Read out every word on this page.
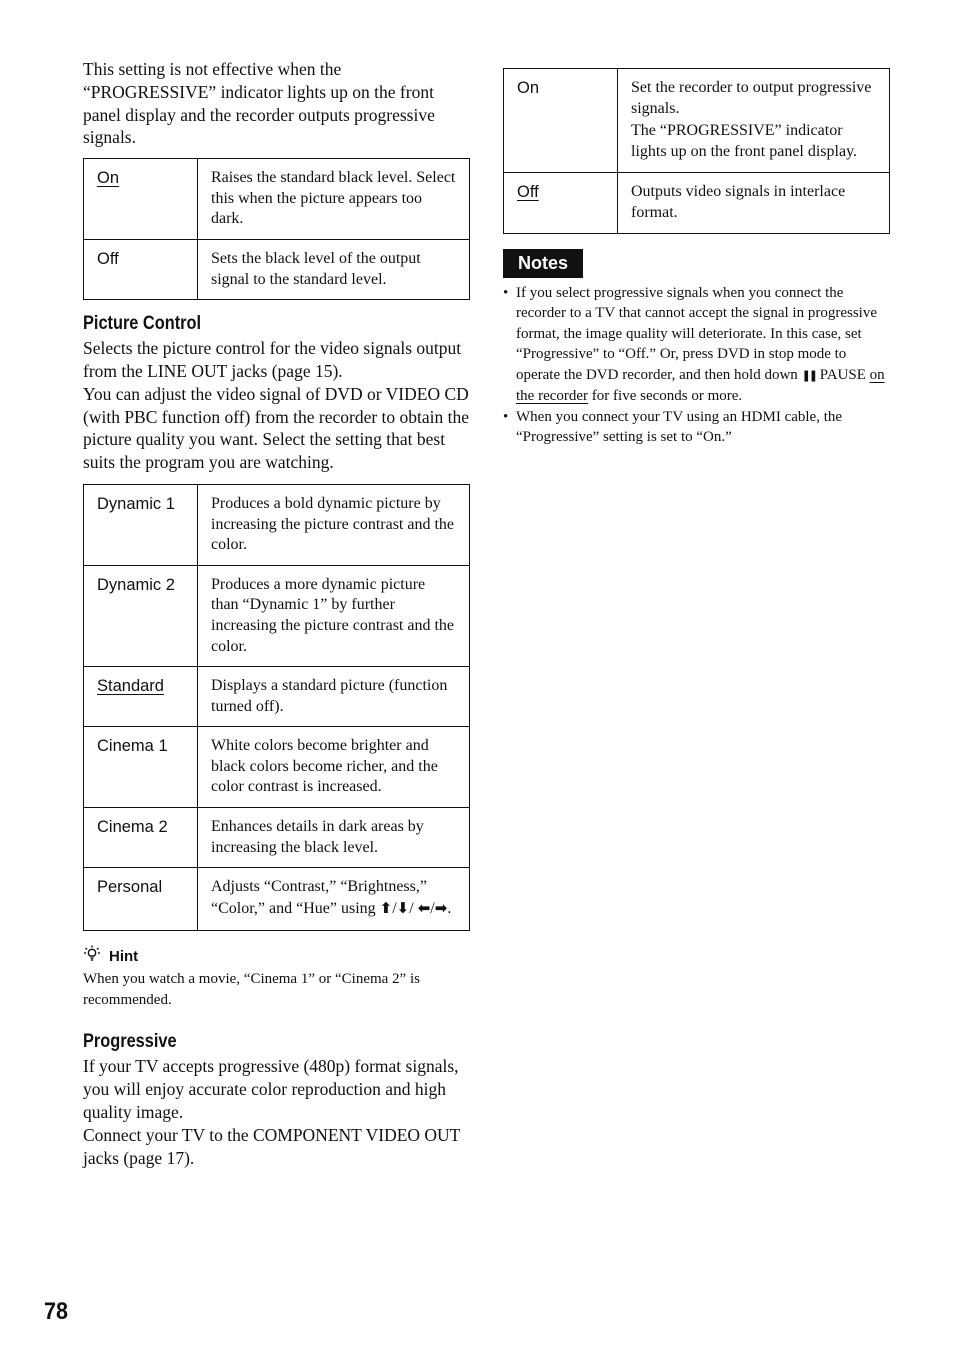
This setting is not effective when the “PROGRESSIVE” indicator lights up on the front panel display and the recorder outputs progressive signals.

On	Raises the standard black level. Select this when the picture appears too dark.
Off	Sets the black level of the output signal to the standard level.
Picture Control

Selects the picture control for the video signals output from the LINE OUT jacks (page 15).

You can adjust the video signal of DVD or VIDEO CD (with PBC function off) from the recorder to obtain the picture quality you want. Select the setting that best suits the program you are watching.

Dynamic 1	Produces a bold dynamic picture by increasing the picture contrast and the color.
Dynamic 2	Produces a more dynamic picture than “Dynamic 1” by further increasing the picture contrast and the color.
Standard	Displays a standard picture (function turned off).
Cinema 1	White colors become brighter and black colors become richer, and the color contrast is increased.
Cinema 2	Enhances details in dark areas by increasing the black level.
Personal	Adjusts “Contrast,” “Brightness,” “Color,” and “Hue” using ⬆/⬇/ ⬅/➡.
Hint
When you watch a movie, “Cinema 1” or “Cinema 2” is recommended.
Progressive

If your TV accepts progressive (480p) format signals, you will enjoy accurate color reproduction and high quality image.

Connect your TV to the COMPONENT VIDEO OUT jacks (page 17).

On	Set the recorder to output progressive signals.
The “PROGRESSIVE” indicator lights up on the front panel display.

Off	Outputs video signals in interlace format.
Notes
• If you select progressive signals when you connect the recorder to a TV that cannot accept the signal in progressive format, the image quality will deteriorate. In this case, set “Progressive” to “Off.” Or, press DVD in stop mode to operate the DVD recorder, and then hold down ❚❚ PAUSE on the recorder for five seconds or more.
• When you connect your TV using an HDMI cable, the “Progressive” setting is set to “On.”
78
